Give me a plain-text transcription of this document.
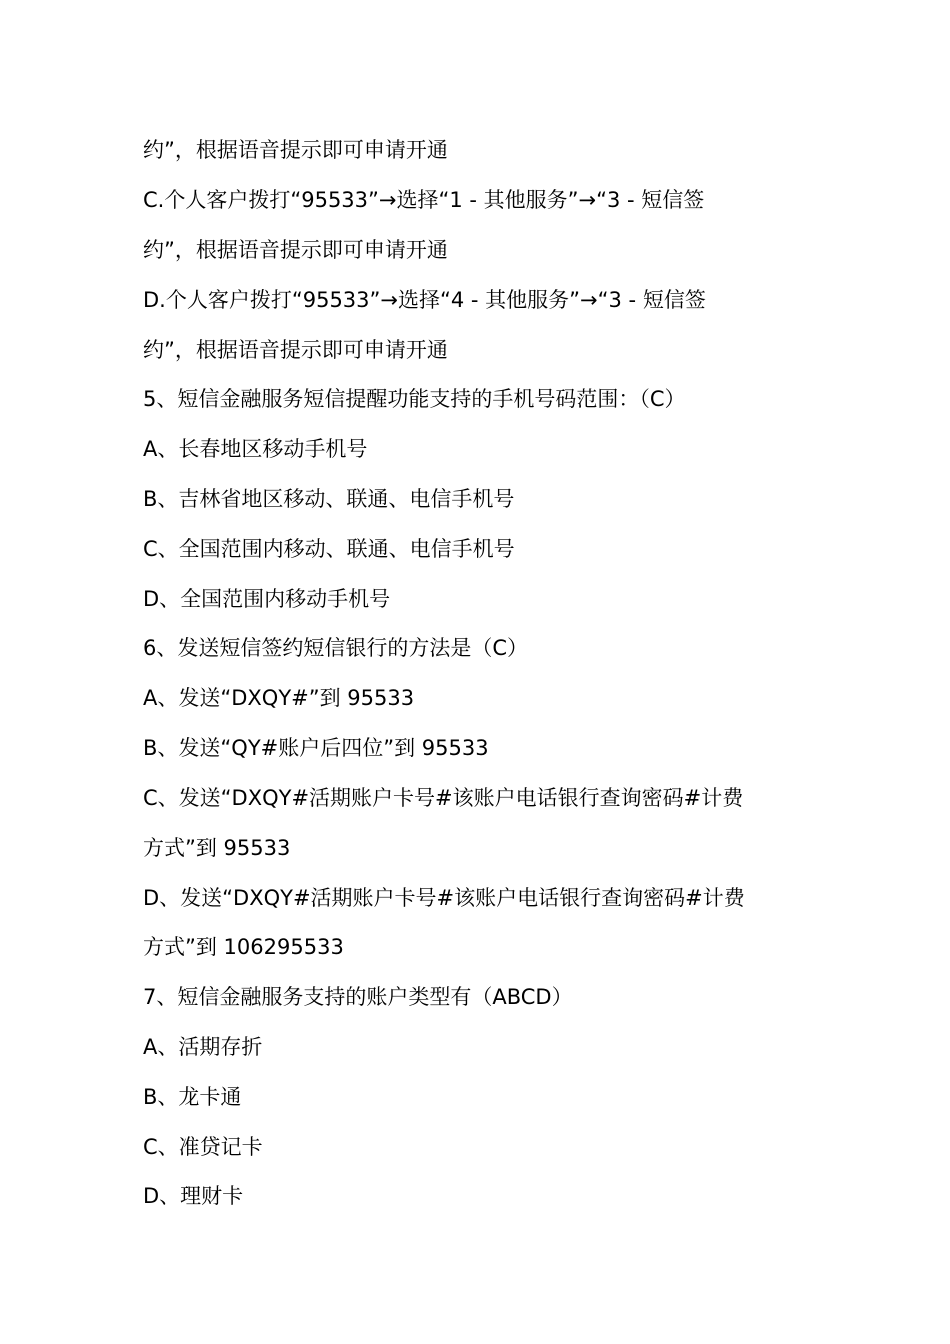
约”，根据语音提示即可申请开通
C.个人客户拨打“95533”→选择“1 - 其他服务”→“3 - 短信签
约”，根据语音提示即可申请开通
D.个人客户拨打“95533”→选择“4 - 其他服务”→“3 - 短信签
约”，根据语音提示即可申请开通
5、短信金融服务短信提醒功能支持的手机号码范围：（C）
A、长春地区移动手机号
B、吉林省地区移动、联通、电信手机号
C、全国范围内移动、联通、电信手机号
D、全国范围内移动手机号
6、发送短信签约短信银行的方法是（C）
A、发送“DXQY#”到 95533
B、发送“QY#账户后四位”到 95533
C、发送“DXQY#活期账户卡号#该账户电话银行查询密码#计费
方式”到 95533
D、发送“DXQY#活期账户卡号#该账户电话银行查询密码#计费
方式”到 106295533
7、短信金融服务支持的账户类型有（ABCD）
A、活期存折
B、龙卡通
C、准贷记卡
D、理财卡
